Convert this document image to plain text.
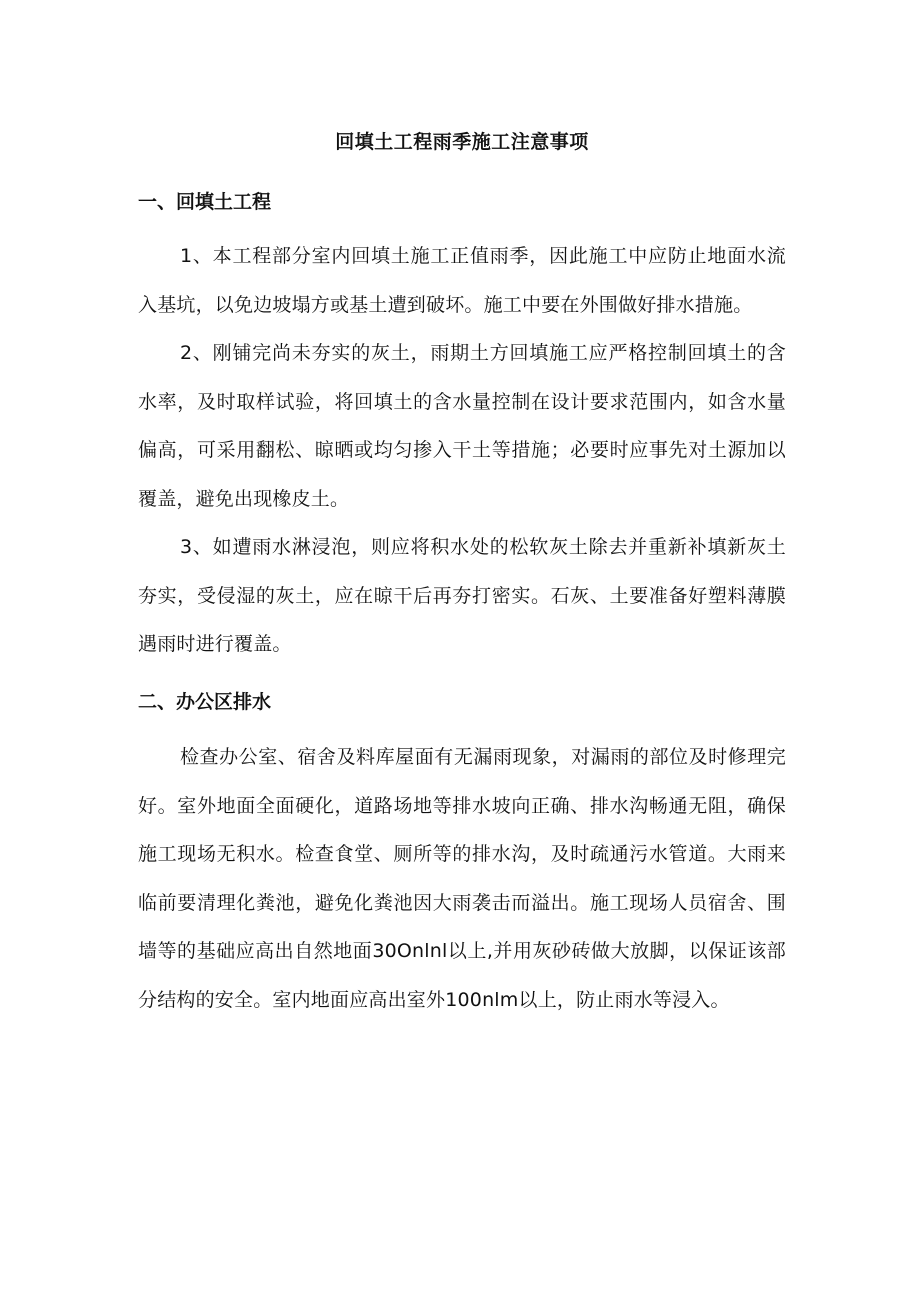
回填土工程雨季施工注意事项
一、回填土工程

1、本工程部分室内回填土施工正值雨季，因此施工中应防止地面水流入基坑，以免边坡塌方或基土遭到破坏。施工中要在外围做好排水措施。

2、刚铺完尚未夯实的灰土，雨期土方回填施工应严格控制回填土的含水率，及时取样试验，将回填土的含水量控制在设计要求范围内，如含水量偏高，可采用翻松、晾晒或均匀掺入干土等措施；必要时应事先对土源加以覆盖，避免出现橡皮土。

3、如遭雨水淋浸泡，则应将积水处的松软灰土除去并重新补填新灰土夯实，受侵湿的灰土，应在晾干后再夯打密实。石灰、土要准备好塑料薄膜遇雨时进行覆盖。

二、办公区排水

检查办公室、宿舍及料库屋面有无漏雨现象，对漏雨的部位及时修理完好。室外地面全面硬化，道路场地等排水坡向正确、排水沟畅通无阻，确保施工现场无积水。检查食堂、厕所等的排水沟，及时疏通污水管道。大雨来临前要清理化粪池，避免化粪池因大雨袭击而溢出。施工现场人员宿舍、围墙等的基础应高出自然地面30Onlnl以上,并用灰砂砖做大放脚，以保证该部分结构的安全。室内地面应高出室外100nlm以上，防止雨水等浸入。
